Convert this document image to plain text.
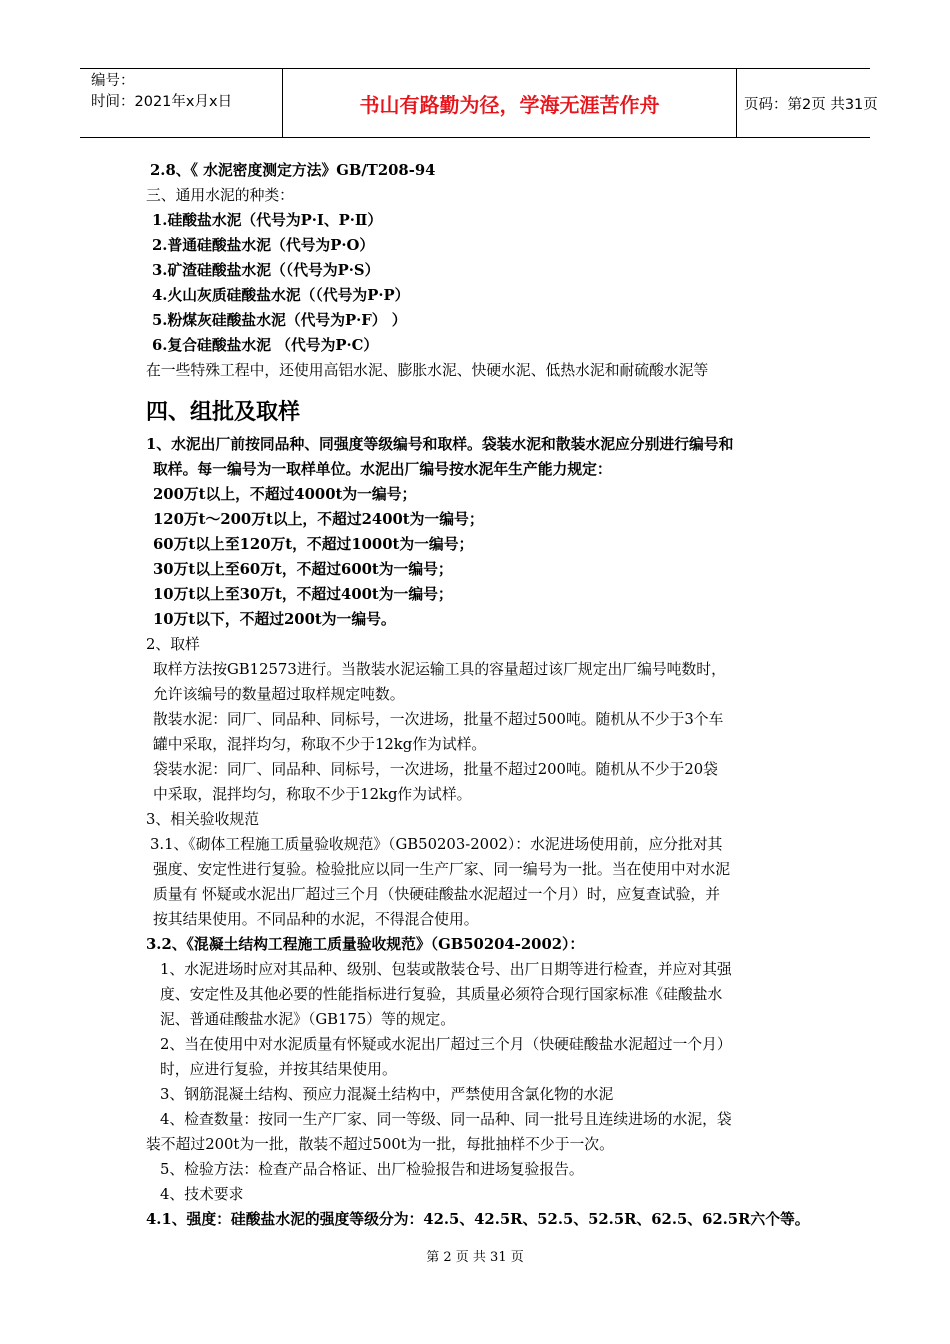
编号：
时间：2021年x月x日	书山有路勤为径，学海无涯苦作舟	页码：第2页 共31页
2.8、《 水泥密度测定方法》GB/T208-94
三、通用水泥的种类：
1.硅酸盐水泥（代号为P·Ⅰ、P·Ⅱ）
2.普通硅酸盐水泥（代号为P·O）
3.矿渣硅酸盐水泥（（代号为P·S）
4.火山灰质硅酸盐水泥（（代号为P·P）
5.粉煤灰硅酸盐水泥（代号为P·F） ）
6.复合硅酸盐水泥 （代号为P·C）
在一些特殊工程中，还使用高铝水泥、膨胀水泥、快硬水泥、低热水泥和耐硫酸水泥等
四、组批及取样
1、水泥出厂前按同品种、同强度等级编号和取样。袋装水泥和散装水泥应分别进行编号和
取样。每一编号为一取样单位。水泥出厂编号按水泥年生产能力规定：
200万t以上，不超过4000t为一编号；
120万t～200万t以上，不超过2400t为一编号；
60万t以上至120万t，不超过1000t为一编号；
30万t以上至60万t，不超过600t为一编号；
10万t以上至30万t，不超过400t为一编号；
10万t以下，不超过200t为一编号。
2、取样
取样方法按GB12573进行。当散装水泥运输工具的容量超过该厂规定出厂编号吨数时，
允许该编号的数量超过取样规定吨数。
散装水泥：同厂、同品种、同标号，一次进场，批量不超过500吨。随机从不少于3个车
罐中采取，混拌均匀，称取不少于12kg作为试样。
袋装水泥：同厂、同品种、同标号，一次进场，批量不超过200吨。随机从不少于20袋
中采取，混拌均匀，称取不少于12kg作为试样。
3、相关验收规范
3.1、《砌体工程施工质量验收规范》（GB50203-2002）：水泥进场使用前，应分批对其
强度、安定性进行复验。检验批应以同一生产厂家、同一编号为一批。当在使用中对水泥
质量有 怀疑或水泥出厂超过三个月（快硬硅酸盐水泥超过一个月）时，应复查试验，并
按其结果使用。不同品种的水泥，不得混合使用。
3.2、《混凝土结构工程施工质量验收规范》（GB50204-2002）：
1、水泥进场时应对其品种、级别、包装或散装仓号、出厂日期等进行检查，并应对其强
度、安定性及其他必要的性能指标进行复验，其质量必须符合现行国家标准《硅酸盐水
泥、普通硅酸盐水泥》（GB175）等的规定。
2、当在使用中对水泥质量有怀疑或水泥出厂超过三个月（快硬硅酸盐水泥超过一个月）
时，应进行复验，并按其结果使用。
3、钢筋混凝土结构、预应力混凝土结构中，严禁使用含氯化物的水泥
4、检查数量：按同一生产厂家、同一等级、同一品种、同一批号且连续进场的水泥，袋
装不超过200t为一批，散装不超过500t为一批，每批抽样不少于一次。
5、检验方法：检查产品合格证、出厂检验报告和进场复验报告。
4、技术要求
4.1、强度：硅酸盐水泥的强度等级分为：42.5、42.5R、52.5、52.5R、62.5、62.5R六个等。
第 2 页 共 31 页
